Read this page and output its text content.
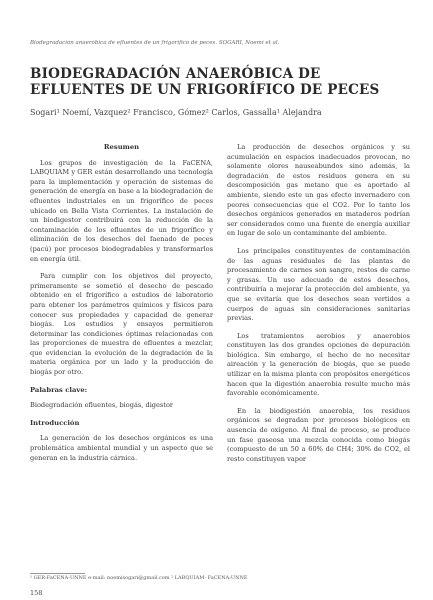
Biodegradación anaeróbica de efluentes de un frigorífico de peces. SOGARI, Noemí et al.
BIODEGRADACIÓN ANAERÓBICA DE EFLUENTES DE UN FRIGORÍFICO DE PECES
Sogari¹ Noemí, Vazquez² Francisco, Gómez² Carlos, Gassalla¹ Alejandra
Resumen

Los grupos de investigación de la FaCENA, LABQUIAM y GER están desarrollando una tecnología para la implementación y operación de sistemas de generación de energía en base a la biodegradación de efluentes industriales en un frigorífico de peces ubicado en Bella Vista Corrientes. La instalación de un biodigestor contribuirá con la reducción de la contaminación de los efluentes de un frigorífico y eliminación de los desechos del faenado de peces (pacú) por procesos biodegradables y transformarlos en energía útil.

Para cumplir con los objetivos del proyecto, primeramente se sometió el desecho de pescado obtenido en el frigorífico a estudios de laboratorio para obtener los parámetros químicos y físicos para conocer sus propiedades y capacidad de generar biogás. Los estudios y ensayos permitieron determinar las condiciones óptimas relacionadas con las proporciones de muestra de efluentes a mezclar, que evidencian la evolución de la degradación de la materia orgánica por un lado y la producción de biogás por otro.

Palabras clave:

Biodegradación efluentes, biogás, digestor

Introducción

La generación de los desechos orgánicos es una problemática ambiental mundial y un aspecto que se generan en la industria cárnica.

La producción de desechos orgánicos y su acumulación en espacios inadecuados provocan, no solamente olores nauseabundos sino además, la degradación de estos residuos genera en su descomposición gas metano que es aportado al ambiente, siendo este un gas efecto invernadero con peores consecuencias que el CO2. Por lo tanto los desechos orgánicos generados en mataderos podrían ser considerados como una fuente de energía auxiliar en lugar de solo un contaminante del ambiente.

Los principales constituyentes de contaminación de las aguas residuales de las plantas de procesamiento de carnes son sangre, restos de carne y grasas. Un uso adecuado de estos desechos, contribuiría a mejorar la protección del ambiente, ya que se evitaría que los desechos sean vertidos a cuerpos de aguas sin consideraciones sanitarias previas.

Los tratamientos aerobios y anaerobios constituyen las dos grandes opciones de depuración biológica. Sin embargo, el hecho de no necesitar aireación y la generación de biogás, que se puede utilizar en la misma planta con propósitos energéticos hacen que la digestión anaerobia resulte mucho más favorable económicamente.

En la biodigestión anaerobia, los residuos orgánicos se degradan por procesos biológicos en ausencia de oxígeno. Al final de proceso, se produce un fase gaseosa una mezcla conocida como biogás (compuesto de un 50 a 60% de CH4; 30% de CO2, el resto constituyen vapor

¹ GER-FaCENA-UNNE e-mail: noemisogari@gmail.com ² LABQUIAM- FaCENA-UNNE
158
